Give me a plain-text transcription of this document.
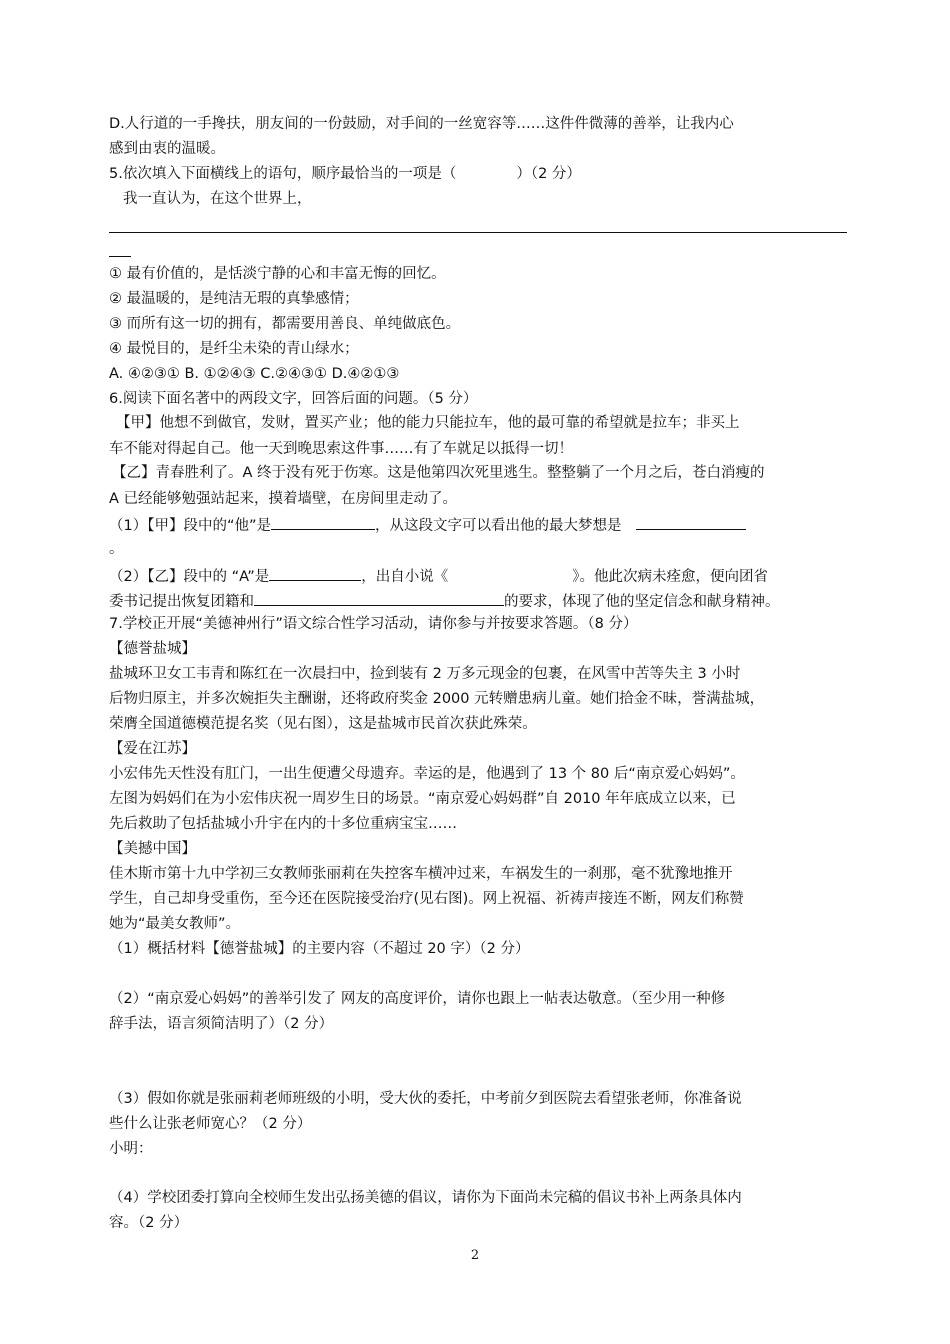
D.人行道的一手搀扶，朋友间的一份鼓励，对手间的一丝宽容等……这件件微薄的善举，让我内心
感到由衷的温暖。
5.依次填入下面横线上的语句，顺序最恰当的一项是（	）（2 分）
我一直认为，在这个世界上，
① 最有价值的，是恬淡宁静的心和丰富无悔的回忆。
② 最温暖的，是纯洁无瑕的真挚感情；
③ 而所有这一切的拥有，都需要用善良、单纯做底色。
④ 最悦目的，是纤尘未染的青山绿水；
A. ④②③① B. ①②④③ C.②④③① D.④②①③
6.阅读下面名著中的两段文字，回答后面的问题。（5 分）
【甲】他想不到做官，发财，置买产业；他的能力只能拉车，他的最可靠的希望就是拉车；非买上
车不能对得起自己。他一天到晚思索这件事……有了车就足以抵得一切！
【乙】青春胜利了。A 终于没有死于伤寒。这是他第四次死里逃生。整整躺了一个月之后，苍白消瘦的
A 已经能够勉强站起来，摸着墙壁，在房间里走动了。
（1）【甲】段中的“他”是	，从这段文字可以看出他的最大梦想是
。
（2）【乙】段中的 “A”是	，出自小说《	》。他此次病未痊愈，便向团省
委书记提出恢复团籍和	的要求，体现了他的坚定信念和献身精神。
7.学校正开展“美德神州行”语文综合性学习活动，请你参与并按要求答题。（8 分）
【德誉盐城】
盐城环卫女工韦青和陈红在一次晨扫中，捡到装有 2 万多元现金的包裹，在风雪中苦等失主 3 小时
后物归原主，并多次婉拒失主酬谢，还将政府奖金 2000 元转赠患病儿童。她们拾金不昧，誉满盐城，
荣膺全国道德模范提名奖（见右图），这是盐城市民首次获此殊荣。
【爱在江苏】
小宏伟先天性没有肛门，一出生便遭父母遗弃。幸运的是，他遇到了 13 个 80 后“南京爱心妈妈”。
左图为妈妈们在为小宏伟庆祝一周岁生日的场景。“南京爱心妈妈群”自 2010 年年底成立以来，已
先后救助了包括盐城小升宇在内的十多位重病宝宝……
【美撼中国】
佳木斯市第十九中学初三女教师张丽莉在失控客车横冲过来，车祸发生的一刹那，毫不犹豫地推开
学生，自己却身受重伤，至今还在医院接受治疗(见右图)。网上祝福、祈祷声接连不断，网友们称赞
她为“最美女教师”。
（1）概括材料【德誉盐城】的主要内容（不超过 20 字）（2 分）
（2）“南京爱心妈妈”的善举引发了 网友的高度评价，请你也跟上一帖表达敬意。（至少用一种修
辞手法，语言须简洁明了）（2 分）
（3）假如你就是张丽莉老师班级的小明，受大伙的委托，中考前夕到医院去看望张老师，你准备说
些什么让张老师宽心？（2 分）
小明：
（4）学校团委打算向全校师生发出弘扬美德的倡议，请你为下面尚未完稿的倡议书补上两条具体内
容。（2 分）
2
